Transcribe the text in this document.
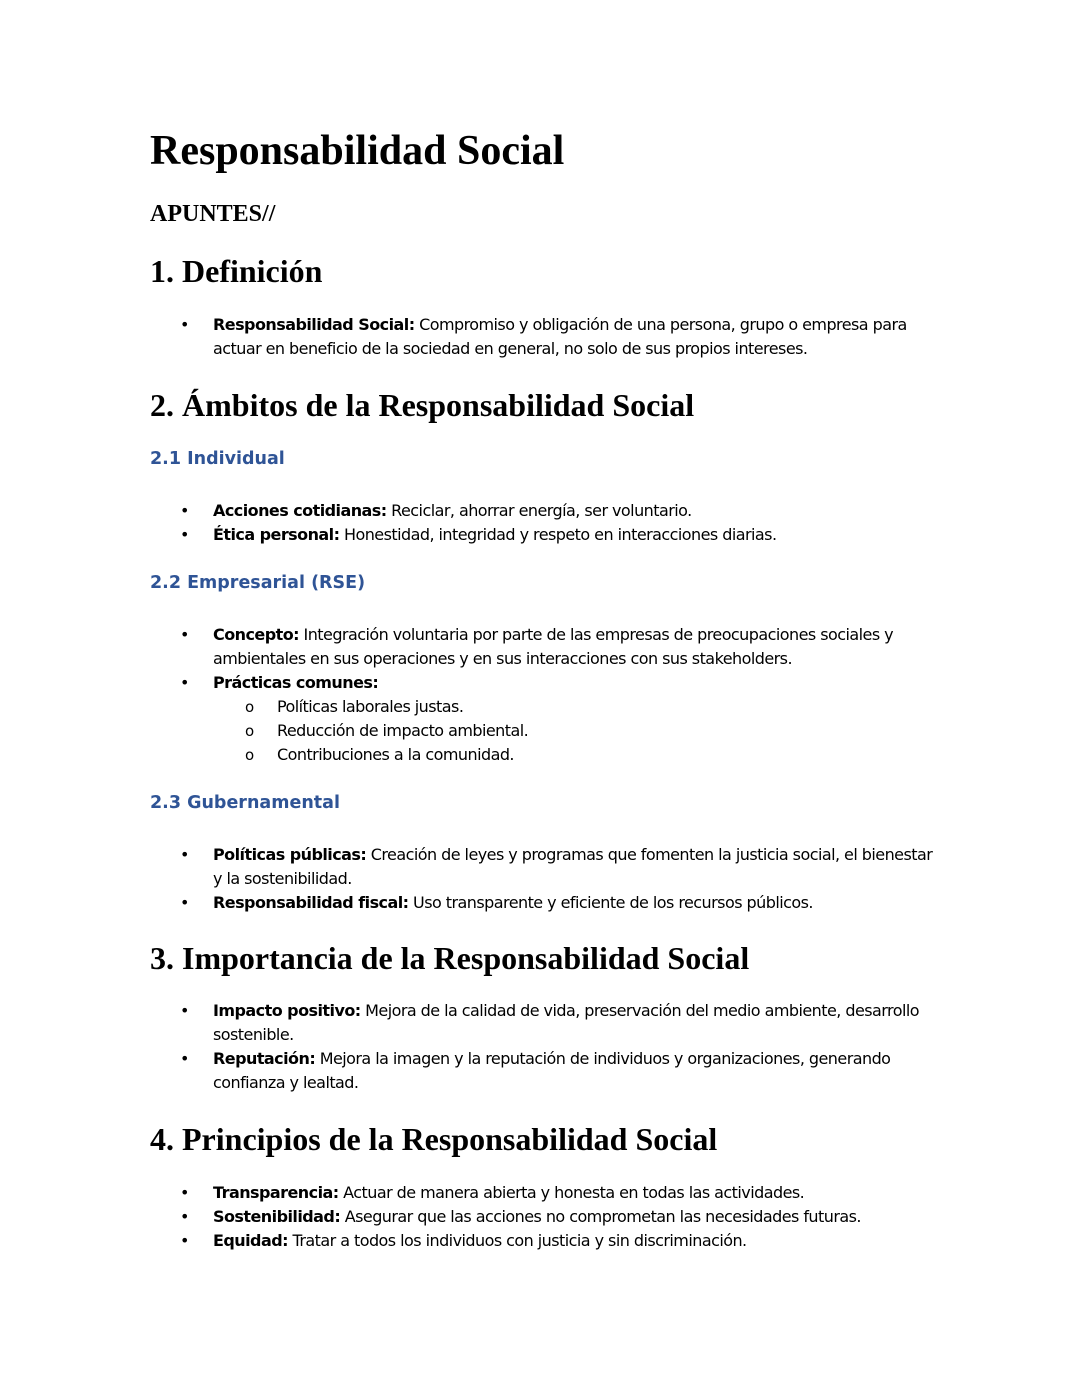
Responsabilidad Social
APUNTES//
1. Definición
• Responsabilidad Social: Compromiso y obligación de una persona, grupo o empresa para actuar en beneficio de la sociedad en general, no solo de sus propios intereses.
2. Ámbitos de la Responsabilidad Social
2.1 Individual
• Acciones cotidianas: Reciclar, ahorrar energía, ser voluntario.
• Ética personal: Honestidad, integridad y respeto en interacciones diarias.
2.2 Empresarial (RSE)
• Concepto: Integración voluntaria por parte de las empresas de preocupaciones sociales y ambientales en sus operaciones y en sus interacciones con sus stakeholders.
• Prácticas comunes:
o Políticas laborales justas.
o Reducción de impacto ambiental.
o Contribuciones a la comunidad.
2.3 Gubernamental
• Políticas públicas: Creación de leyes y programas que fomenten la justicia social, el bienestar y la sostenibilidad.
• Responsabilidad fiscal: Uso transparente y eficiente de los recursos públicos.
3. Importancia de la Responsabilidad Social
• Impacto positivo: Mejora de la calidad de vida, preservación del medio ambiente, desarrollo sostenible.
• Reputación: Mejora la imagen y la reputación de individuos y organizaciones, generando confianza y lealtad.
4. Principios de la Responsabilidad Social
• Transparencia: Actuar de manera abierta y honesta en todas las actividades.
• Sostenibilidad: Asegurar que las acciones no comprometan las necesidades futuras.
• Equidad: Tratar a todos los individuos con justicia y sin discriminación.
